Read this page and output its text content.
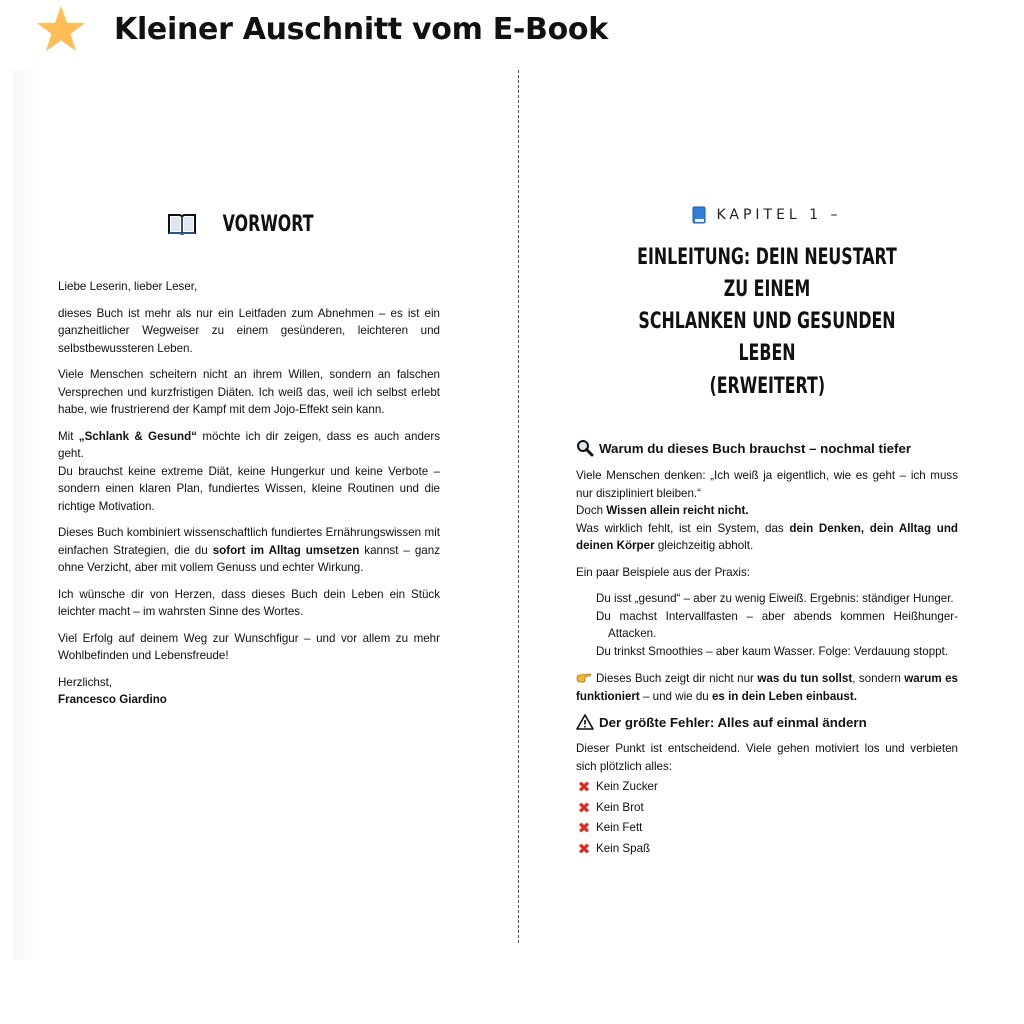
Kleiner Auschnitt vom E-Book
VORWORT

Liebe Leserin, lieber Leser,

dieses Buch ist mehr als nur ein Leitfaden zum Abnehmen – es ist ein ganzheitlicher Wegweiser zu einem gesünderen, leichteren und selbstbewussteren Leben.

Viele Menschen scheitern nicht an ihrem Willen, sondern an falschen Versprechen und kurzfristigen Diäten. Ich weiß das, weil ich selbst erlebt habe, wie frustrierend der Kampf mit dem Jojo-Effekt sein kann.

Mit „Schlank & Gesund“ möchte ich dir zeigen, dass es auch anders geht.
Du brauchst keine extreme Diät, keine Hungerkur und keine Verbote – sondern einen klaren Plan, fundiertes Wissen, kleine Routinen und die richtige Motivation.

Dieses Buch kombiniert wissenschaftlich fundiertes Ernährungswissen mit einfachen Strategien, die du sofort im Alltag umsetzen kannst – ganz ohne Verzicht, aber mit vollem Genuss und echter Wirkung.

Ich wünsche dir von Herzen, dass dieses Buch dein Leben ein Stück leichter macht – im wahrsten Sinne des Wortes.

Viel Erfolg auf deinem Weg zur Wunschfigur – und vor allem zu mehr Wohlbefinden und Lebensfreude!

Herzlichst,
Francesco Giardino

KAPITEL 1 –
EINLEITUNG: DEIN NEUSTART ZU EINEM
SCHLANKEN UND GESUNDEN LEBEN
(ERWEITERT)
Warum du dieses Buch brauchst – nochmal tiefer

Viele Menschen denken: „Ich weiß ja eigentlich, wie es geht – ich muss nur diszipliniert bleiben.“
Doch Wissen allein reicht nicht.
Was wirklich fehlt, ist ein System, das dein Denken, dein Alltag und deinen Körper gleichzeitig abholt.

Ein paar Beispiele aus der Praxis:

Du isst „gesund“ – aber zu wenig Eiweiß. Ergebnis: ständiger Hunger.
Du machst Intervallfasten – aber abends kommen Heißhunger-Attacken.
Du trinkst Smoothies – aber kaum Wasser. Folge: Verdauung stoppt.

Dieses Buch zeigt dir nicht nur was du tun sollst, sondern warum es funktioniert – und wie du es in dein Leben einbaust.

Der größte Fehler: Alles auf einmal ändern

Dieser Punkt ist entscheidend. Viele gehen motiviert los und verbieten sich plötzlich alles:

✖ Kein Zucker
✖ Kein Brot
✖ Kein Fett
✖ Kein Spaß
